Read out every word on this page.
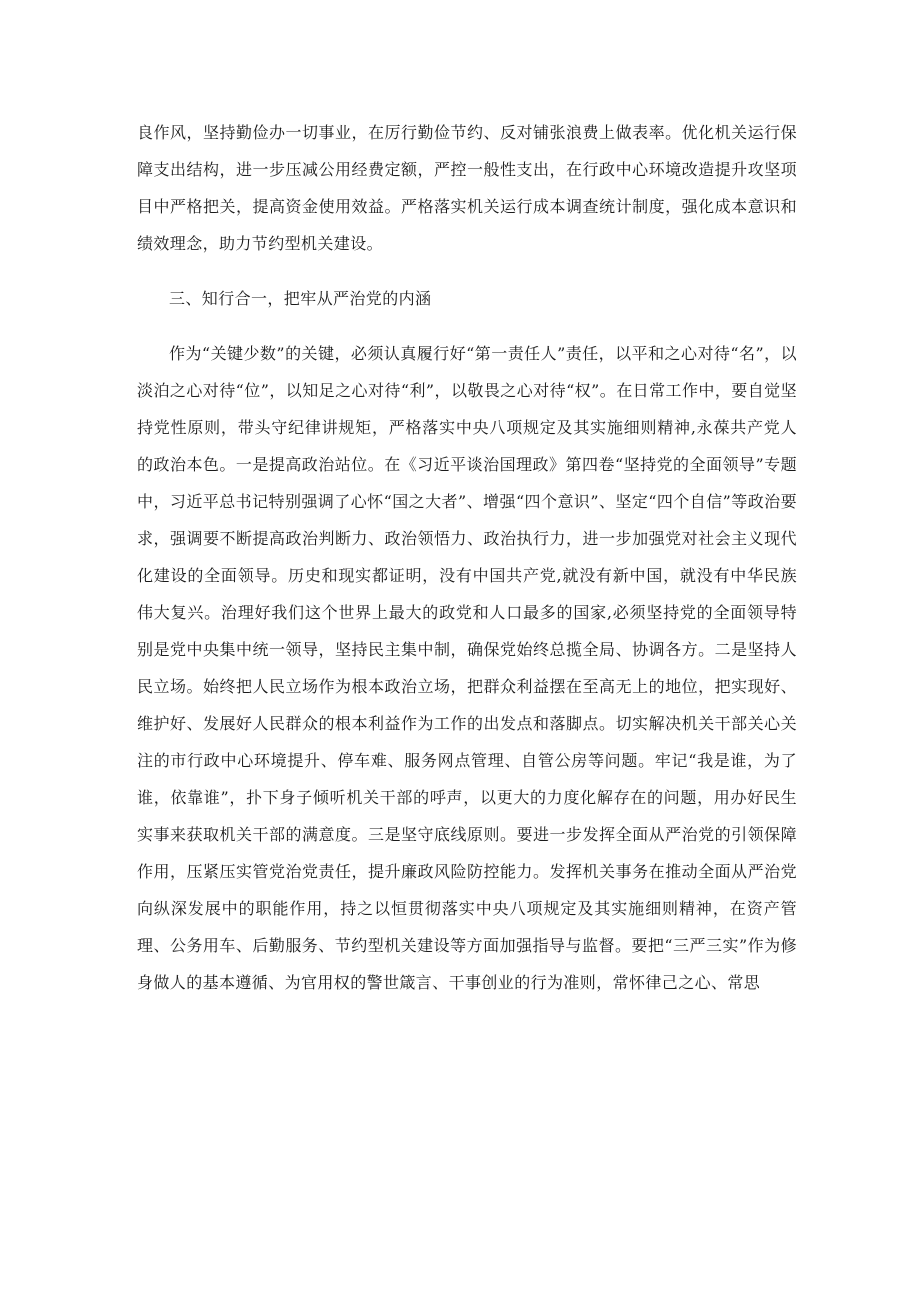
良作风，坚持勤俭办一切事业，在厉行勤俭节约、反对铺张浪费上做表率。优化机关运行保障支出结构，进一步压减公用经费定额，严控一般性支出，在行政中心环境改造提升攻坚项目中严格把关，提高资金使用效益。严格落实机关运行成本调查统计制度，强化成本意识和绩效理念，助力节约型机关建设。

三、知行合一，把牢从严治党的内涵

作为“关键少数”的关键，必须认真履行好“第一责任人”责任，以平和之心对待“名”，以淡泊之心对待“位”，以知足之心对待“利”，以敬畏之心对待“权”。在日常工作中，要自觉坚持党性原则，带头守纪律讲规矩，严格落实中央八项规定及其实施细则精神,永葆共产党人的政治本色。一是提高政治站位。在《习近平谈治国理政》第四卷“坚持党的全面领导”专题中，习近平总书记特别强调了心怀“国之大者”、增强“四个意识”、坚定“四个自信”等政治要求，强调要不断提高政治判断力、政治领悟力、政治执行力，进一步加强党对社会主义现代化建设的全面领导。历史和现实都证明，没有中国共产党,就没有新中国，就没有中华民族伟大复兴。治理好我们这个世界上最大的政党和人口最多的国家,必须坚持党的全面领导特别是党中央集中统一领导，坚持民主集中制，确保党始终总揽全局、协调各方。二是坚持人民立场。始终把人民立场作为根本政治立场，把群众利益摆在至高无上的地位，把实现好、维护好、发展好人民群众的根本利益作为工作的出发点和落脚点。切实解决机关干部关心关注的市行政中心环境提升、停车难、服务网点管理、自管公房等问题。牢记“我是谁，为了谁，依靠谁”，扑下身子倾听机关干部的呼声，以更大的力度化解存在的问题，用办好民生实事来获取机关干部的满意度。三是坚守底线原则。要进一步发挥全面从严治党的引领保障作用，压紧压实管党治党责任，提升廉政风险防控能力。发挥机关事务在推动全面从严治党向纵深发展中的职能作用，持之以恒贯彻落实中央八项规定及其实施细则精神，在资产管理、公务用车、后勤服务、节约型机关建设等方面加强指导与监督。要把“三严三实”作为修身做人的基本遵循、为官用权的警世箴言、干事创业的行为准则，常怀律己之心、常思
